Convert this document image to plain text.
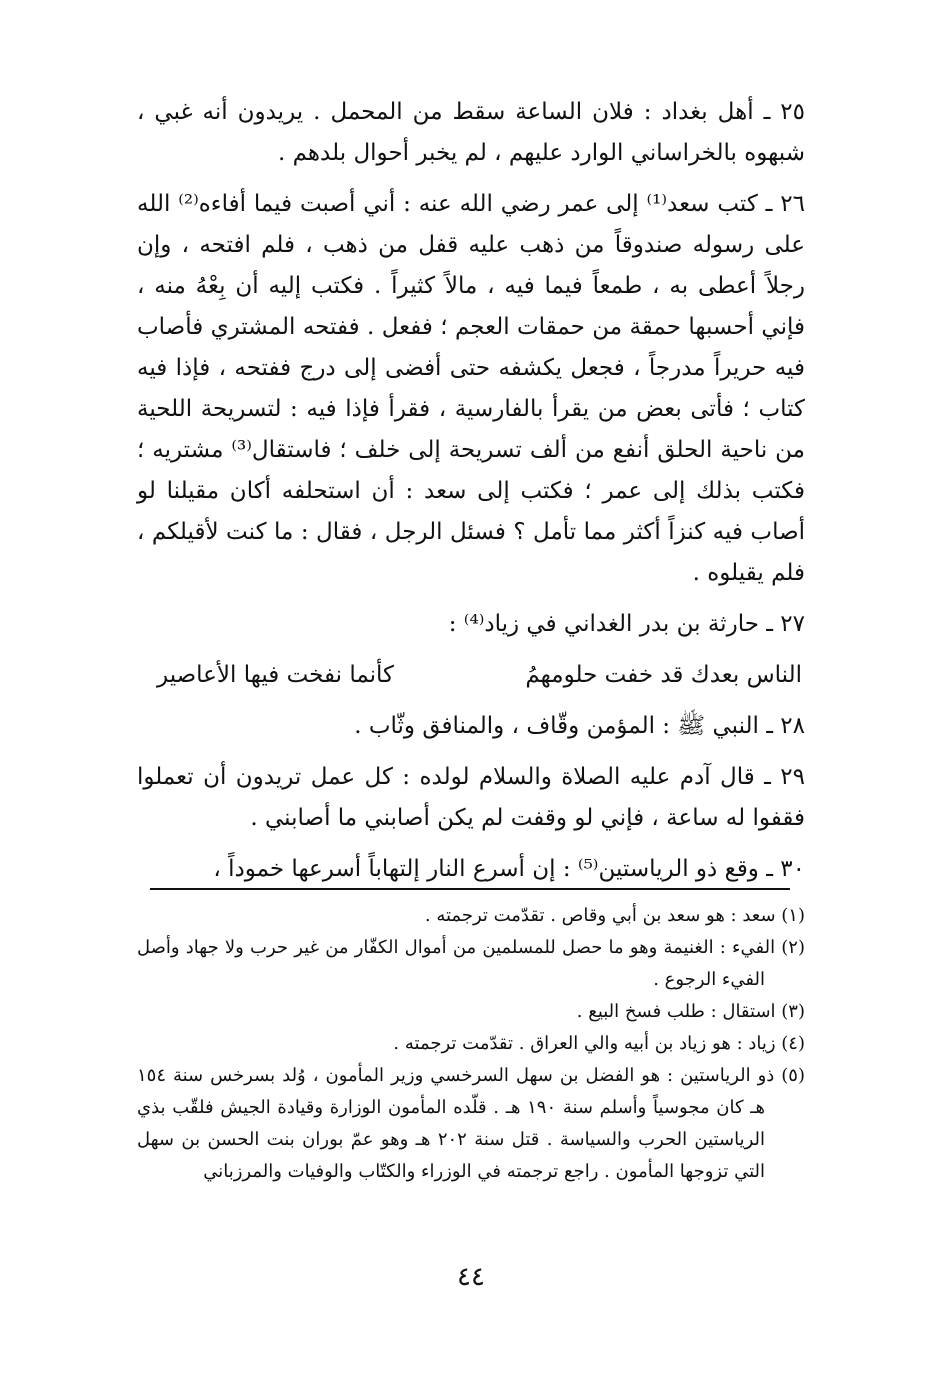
٢٥ ـ أهل بغداد : فلان الساعة سقط من المحمل . يريدون أنه غبي ، شبهوه بالخراساني الوارد عليهم ، لم يخبر أحوال بلدهم .

٢٦ ـ كتب سعد⁽¹⁾ إلى عمر رضي الله عنه : أني أصبت فيما أفاءه⁽²⁾ الله على رسوله صندوقاً من ذهب عليه قفل من ذهب ، فلم افتحه ، وإن رجلاً أعطى به ، طمعاً فيما فيه ، مالاً كثيراً . فكتب إليه أن بِعْهُ منه ، فإني أحسبها حمقة من حمقات العجم ؛ ففعل . ففتحه المشتري فأصاب فيه حريراً مدرجاً ، فجعل يكشفه حتى أفضى إلى درج ففتحه ، فإذا فيه كتاب ؛ فأتى بعض من يقرأ بالفارسية ، فقرأ فإذا فيه : لتسريحة اللحية من ناحية الحلق أنفع من ألف تسريحة إلى خلف ؛ فاستقال⁽³⁾ مشتريه ؛ فكتب بذلك إلى عمر ؛ فكتب إلى سعد : أن استحلفه أكان مقيلنا لو أصاب فيه كنزاً أكثر مما تأمل ؟ فسئل الرجل ، فقال : ما كنت لأقيلكم ، فلم يقيلوه .

٢٧ ـ حارثة بن بدر الغداني في زياد⁽⁴⁾ :

الناس بعدك قد خفت حلومهمُ
كأنما نفخت فيها الأعاصير

٢٨ ـ النبي ﷺ : المؤمن وقّاف ، والمنافق وثّاب .

٢٩ ـ قال آدم عليه الصلاة والسلام لولده : كل عمل تريدون أن تعملوا فقفوا له ساعة ، فإني لو وقفت لم يكن أصابني ما أصابني .

٣٠ ـ وقع ذو الرياستين⁽⁵⁾ : إن أسرع النار إلتهاباً أسرعها خموداً ،

(١) سعد : هو سعد بن أبي وقاص . تقدّمت ترجمته .

(٢) الفيء : الغنيمة وهو ما حصل للمسلمين من أموال الكفّار من غير حرب ولا جهاد وأصل الفيء الرجوع .

(٣) استقال : طلب فسخ البيع .

(٤) زياد : هو زياد بن أبيه والي العراق . تقدّمت ترجمته .

(٥) ذو الرياستين : هو الفضل بن سهل السرخسي وزير المأمون ، وُلد بسرخس سنة ١٥٤ هـ كان مجوسياً وأسلم سنة ١٩٠ هـ . قلّده المأمون الوزارة وقيادة الجيش فلقّب بذي الرياستين الحرب والسياسة . قتل سنة ٢٠٢ هـ وهو عمّ بوران بنت الحسن بن سهل التي تزوجها المأمون . راجع ترجمته في الوزراء والكتّاب والوفيات والمرزباني

٤٤
